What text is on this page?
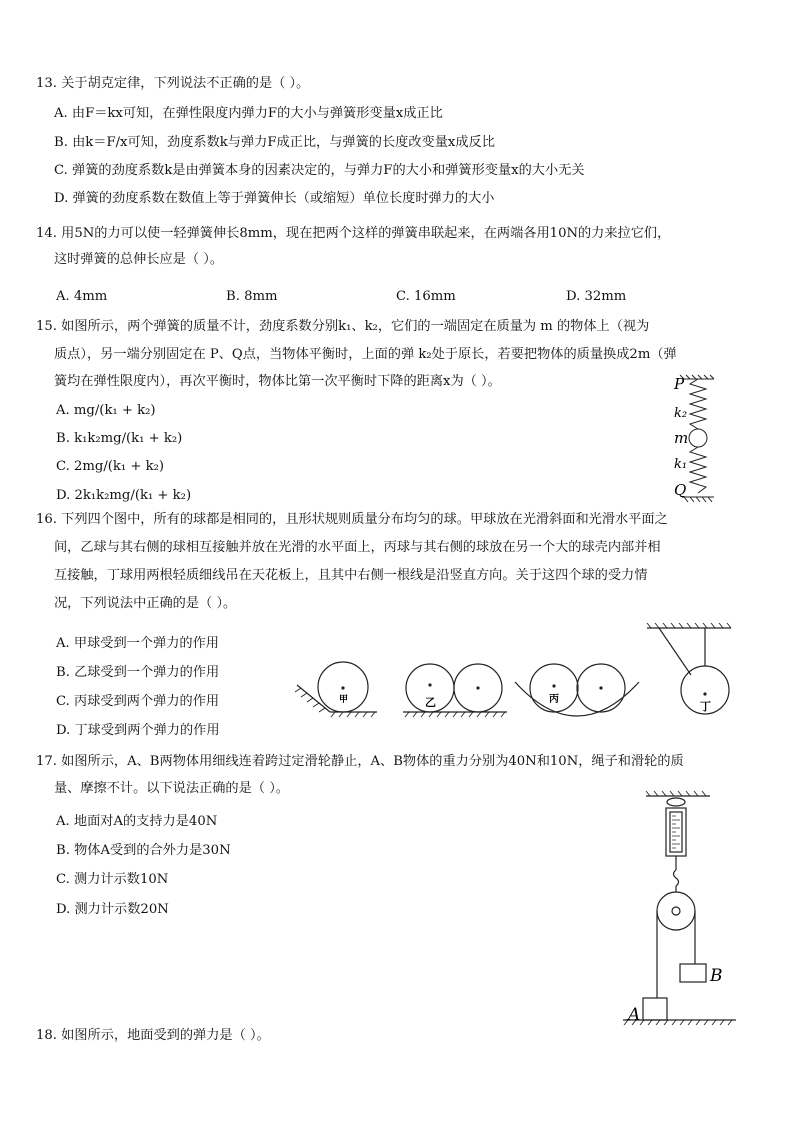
13. 关于胡克定律，下列说法不正确的是（ ）。
A. 由F＝kx可知，在弹性限度内弹力F的大小与弹簧形变量x成正比
B. 由k＝F/x可知，劲度系数k与弹力F成正比，与弹簧的长度改变量x成反比
C. 弹簧的劲度系数k是由弹簧本身的因素决定的，与弹力F的大小和弹簧形变量x的大小无关
D. 弹簧的劲度系数在数值上等于弹簧伸长（或缩短）单位长度时弹力的大小
14. 用5N的力可以使一轻弹簧伸长8mm，现在把两个这样的弹簧串联起来，在两端各用10N的力来拉它们，
这时弹簧的总伸长应是（ ）。
A. 4mm	B. 8mm	C. 16mm	D. 32mm
15. 如图所示，两个弹簧的质量不计，劲度系数分别k₁、k₂，它们的一端固定在质量为 m 的物体上（视为
质点），另一端分别固定在 P、Q点，当物体平衡时，上面的弹 k₂处于原长，若要把物体的质量换成2m（弹
簧均在弹性限度内），再次平衡时，物体比第一次平衡时下降的距离x为（ ）。
A. mg/(k₁ + k₂)
B. k₁k₂mg/(k₁ + k₂)
C. 2mg/(k₁ + k₂)
D. 2k₁k₂mg/(k₁ + k₂)
P
k₂
m
k₁
Q
16. 下列四个图中，所有的球都是相同的，且形状规则质量分布均匀的球。甲球放在光滑斜面和光滑水平面之
间，乙球与其右侧的球相互接触并放在光滑的水平面上，丙球与其右侧的球放在另一个大的球壳内部并相
互接触，丁球用两根轻质细线吊在天花板上，且其中右侧一根线是沿竖直方向。关于这四个球的受力情
况，下列说法中正确的是（ ）。
A. 甲球受到一个弹力的作用
B. 乙球受到一个弹力的作用
C. 丙球受到两个弹力的作用
D. 丁球受到两个弹力的作用
甲	乙	丙
丁
17. 如图所示，A、B两物体用细线连着跨过定滑轮静止，A、B物体的重力分别为40N和10N，绳子和滑轮的质
量、摩擦不计。以下说法正确的是（ ）。
A. 地面对A的支持力是40N
B. 物体A受到的合外力是30N
C. 测力计示数10N
D. 测力计示数20N
B
A
18. 如图所示，地面受到的弹力是（ ）。
